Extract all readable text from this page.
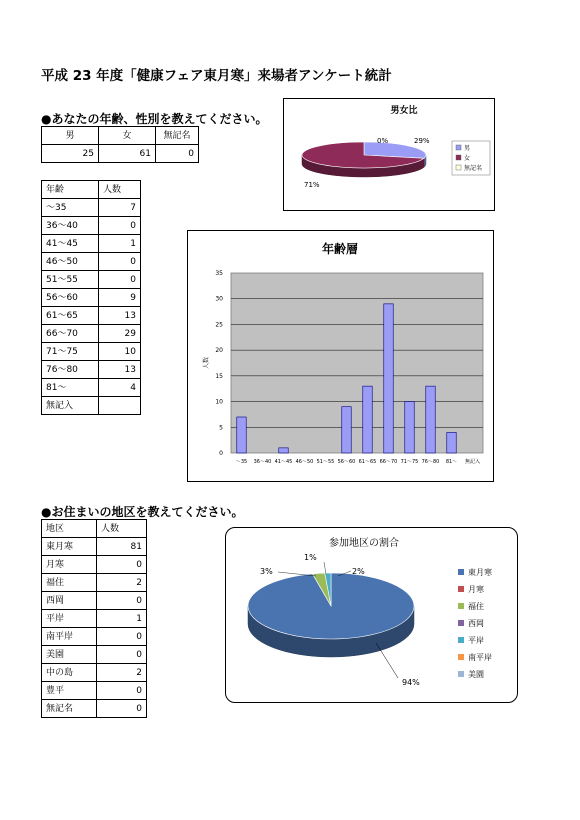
平成 23 年度「健康フェア東月寒」来場者アンケート統計
●あなたの年齢、性別を教えてください。
男	女	無記名
25	61	0
年齢	人数
～35	7
36～40	0
41～45	1
46～50	0
51～55	0
56～60	9
61～65	13
66～70	29
71～75	10
76～80	13
81～	4
無記入	
男女比
29%
71%
0%
男
女
無記名
年齢層
0
5
10
15
20
25
30
35
人数
～35 36～40 41～45 46～50 51～55 56～60 61～65 66～70 71～75 76～80 81～ 無記入
●お住まいの地区を教えてください。
地区	人数
東月寒	81
月寒	0
福住	2
西岡	0
平岸	1
南平岸	0
美園	0
中の島	2
豊平	0
無記名	0
参加地区の割合
94%
1%
3%	2%	東月寒
月寒
福住
西岡
平岸
南平岸
美園
